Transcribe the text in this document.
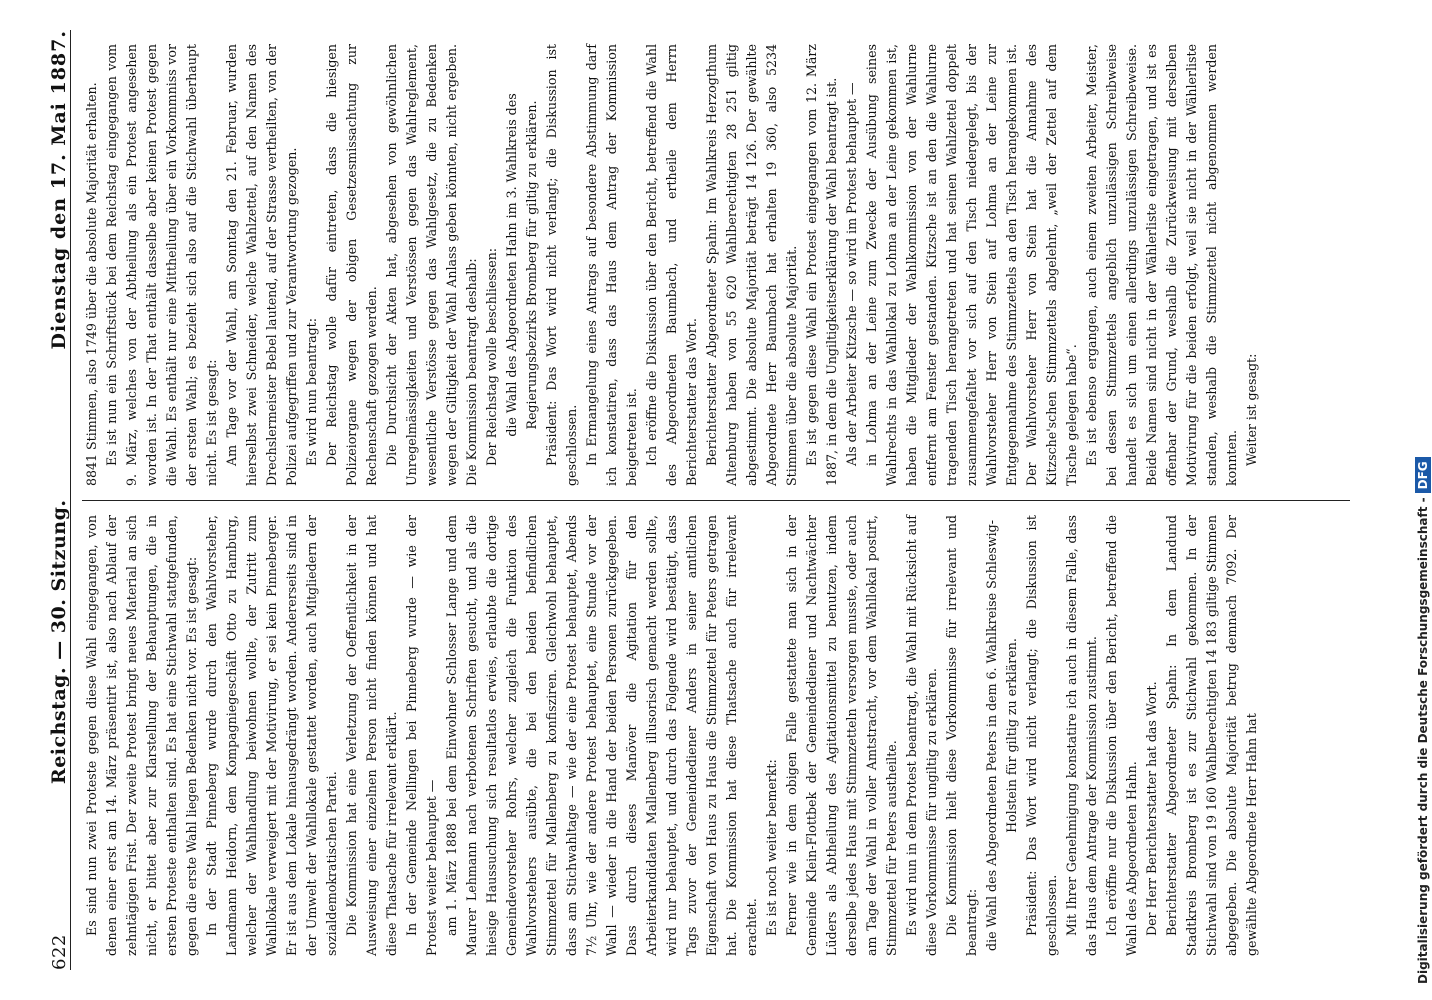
622
Reichstag. — 30. Sitzung.
Dienstag den 17. Mai 1887.

Es sind nun zwei Proteste gegen diese Wahl eingegangen, von denen einer erst am 14. März präsentirt ist, also nach Ablauf der zehntägigen Frist. Der zweite Protest bringt neues Material an sich nicht, er bittet aber zur Klarstellung der Behauptungen, die in ersten Proteste enthalten sind. Es hat eine Stichwahl stattgefunden, gegen die erste Wahl liegen Bedenken nicht vor. Es ist gesagt: In der Stadt Pinneberg wurde durch den Wahlvorsteher, Landmann Heidorn, dem Kompagniegeschäft Otto zu Hamburg, welcher der Wahlhandlung beiwohnen wollte, der Zutritt zum Wahllokale verweigert mit der Motivirung, er sei kein Pinneberger. Er ist aus dem Lokale hinausgedrängt worden. Andererseits sind in der Umwelt der Wahllokale gestattet worden, auch Mitgliedern der sozialdemokratischen Partei. Die Kommission hat eine Verletzung der Oeffentlichkeit in der Ausweisung einer einzelnen Person nicht finden können und hat diese Thatsache für irrelevant erklärt. In der Gemeinde Nellingen bei Pinneberg wurde — wie der Protest weiter behauptet — am 1. März 1888 bei dem Einwohner Schlosser Lange und dem Maurer Lehmann nach verbotenen Schriften gesucht, und als die hiesige Haussuchung sich resultatlos erwies, erlaubte die dortige Gemeindevorsteher Rohrs, welcher zugleich die Funktion des Wahlvorstehers ausübte, die bei den beiden befindlichen Stimmzettel für Mallenberg zu konfisziren. Gleichwohl behauptet, dass am Stichwahltage — wie der eine Protest behauptet, Abends 7½ Uhr, wie der andere Protest behauptet, eine Stunde vor der Wahl — wieder in die Hand der beiden Personen zurückgegeben. Dass durch dieses Manöver die Agitation für den Arbeiterkandidaten Mallenberg illusorisch gemacht werden sollte, wird nur behauptet, und durch das Folgende wird bestätigt, dass Tags zuvor der Gemeindediener Anders in seiner amtlichen Eigenschaft von Haus zu Haus die Stimmzettel für Peters getragen hat. Die Kommission hat diese Thatsache auch für irrelevant erachtet. Es ist noch weiter bemerkt: Ferner wie in dem obigen Falle gestattete man sich in der Gemeinde Klein-Flottbek der Gemeindediener und Nachtwächter Lüders als Abtheilung des Agitationsmittel zu benutzen, indem derselbe jedes Haus mit Stimmzetteln versorgen musste, oder auch am Tage der Wahl in voller Amtstracht, vor dem Wahllokal postirt, Stimmzettel für Peters austheilte. Es wird nun in dem Protest beantragt, die Wahl mit Rücksicht auf diese Vorkommnisse für ungiltig zu erklären. Die Kommission hielt diese Vorkommnisse für irrelevant und beantragt: die Wahl des Abgeordneten Peters in dem 6. Wahlkreise Schleswig-Holstein für giltig zu erklären. Präsident: Das Wort wird nicht verlangt; die Diskussion ist geschlossen. Mit Ihrer Genehmigung konstatire ich auch in diesem Falle, dass das Haus dem Antrage der Kommission zustimmt. Ich eröffne nur die Diskussion über den Bericht, betreffend die Wahl des Abgeordneten Hahn. Der Herr Berichterstatter hat das Wort. Berichterstatter Abgeordneter Spahn: In dem Landund Stadtkreis Bromberg ist es zur Stichwahl gekommen. In der Stichwahl sind von 19 160 Wahlberechtigten 14 183 giltige Stimmen abgegeben. Die absolute Majorität betrug demnach 7092. Der gewählte Abgeordnete Herr Hahn hat

8841 Stimmen, also 1749 über die absolute Majorität erhalten. Es ist nun ein Schriftstück bei dem Reichstag eingegangen vom 9. März, welches von der Abtheilung als ein Protest angesehen worden ist. In der That enthält dasselbe aber keinen Protest gegen die Wahl. Es enthält nur eine Mittheilung über ein Vorkommniss vor der ersten Wahl; es bezieht sich also auf die Stichwahl überhaupt nicht. Es ist gesagt: Am Tage vor der Wahl, am Sonntag den 21. Februar, wurden hierselbst zwei Schneider, welche Wahlzettel, auf den Namen des Drechslermeister Bebel lautend, auf der Strasse vertheilten, von der Polizei aufgegriffen und zur Verantwortung gezogen. Es wird nun beantragt: Der Reichstag wolle dafür eintreten, dass die hiesigen Polizeiorgane wegen der obigen Gesetzesmissachtung zur Rechenschaft gezogen werden. Die Durchsicht der Akten hat, abgesehen von gewöhnlichen Unregelmässigkeiten und Verstössen gegen das Wahlreglement, wesentliche Verstösse gegen das Wahlgesetz, die zu Bedenken wegen der Giltigkeit der Wahl Anlass geben könnten, nicht ergeben. Die Kommission beantragt deshalb: Der Reichstag wolle beschliessen: die Wahl des Abgeordneten Hahn im 3. Wahlkreis des Regierungsbezirks Bromberg für giltig zu erklären. Präsident: Das Wort wird nicht verlangt; die Diskussion ist geschlossen. In Ermangelung eines Antrags auf besondere Abstimmung darf ich konstatiren, dass das Haus dem Antrag der Kommission beigetreten ist. Ich eröffne die Diskussion über den Bericht, betreffend die Wahl des Abgeordneten Baumbach, und ertheile dem Herrn Berichterstatter das Wort. Berichterstatter Abgeordneter Spahn: Im Wahlkreis Herzogthum Altenburg haben von 55 620 Wahlberechtigten 28 251 giltig abgestimmt. Die absolute Majorität beträgt 14 126. Der gewählte Abgeordnete Herr Baumbach hat erhalten 19 360, also 5234 Stimmen über die absolute Majorität. Es ist gegen diese Wahl ein Protest eingegangen vom 12. März 1887, in dem die Ungiltigkeitserklärung der Wahl beantragt ist. Als der Arbeiter Kitzsche — so wird im Protest behauptet — in Lohma an der Leine zum Zwecke der Ausübung seines Wahlrechts in das Wahllokal zu Lohma an der Leine gekommen ist, haben die Mitglieder der Wahlkommission von der Wahlurne entfernt am Fenster gestanden. Kitzsche ist an den die Wahlurne tragenden Tisch herangetreten und hat seinen Wahlzettel doppelt zusammengefaltet vor sich auf den Tisch niedergelegt, bis der Wahlvorsteher Herr von Stein auf Lohma an der Leine zur Entgegennahme des Stimmzettels an den Tisch herangekommen ist. Der Wahlvorsteher Herr von Stein hat die Annahme des Kitzsche'schen Stimmzettels abgelehnt, „weil der Zettel auf dem Tische gelegen habe“. Es ist ebenso ergangen, auch einem zweiten Arbeiter, Meister, bei dessen Stimmzettels angeblich unzulässigen Schreibweise handelt es sich um einen allerdings unzulässigen Schreibeweise. Beide Namen sind nicht in der Wählerliste eingetragen, und ist es offenbar der Grund, weshalb die Zurückweisung mit derselben Motivirung für die beiden erfolgt, weil sie nicht in der Wählerliste standen, weshalb die Stimmzettel nicht abgenommen werden konnten. Weiter ist gesagt:

Digitalisierung gefördert durch die Deutsche Forschungsgemeinschaft -
DFG
